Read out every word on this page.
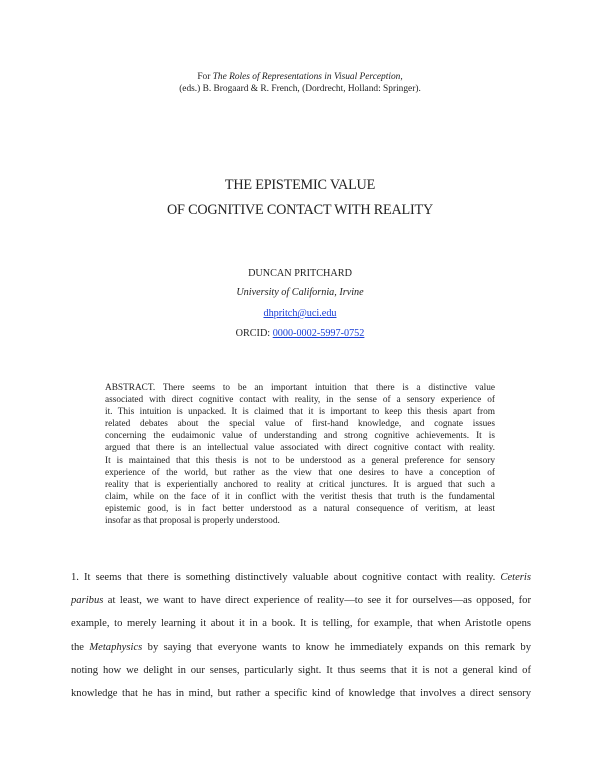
For The Roles of Representations in Visual Perception,
(eds.) B. Brogaard & R. French, (Dordrecht, Holland: Springer).
THE EPISTEMIC VALUE
OF COGNITIVE CONTACT WITH REALITY
DUNCAN PRITCHARD
University of California, Irvine
dhpritch@uci.edu
ORCID: 0000-0002-5997-0752
ABSTRACT. There seems to be an important intuition that there is a distinctive value
associated with direct cognitive contact with reality, in the sense of a sensory experience of
it. This intuition is unpacked. It is claimed that it is important to keep this thesis apart from
related debates about the special value of first-hand knowledge, and cognate issues
concerning the eudaimonic value of understanding and strong cognitive achievements. It is
argued that there is an intellectual value associated with direct cognitive contact with reality.
It is maintained that this thesis is not to be understood as a general preference for sensory
experience of the world, but rather as the view that one desires to have a conception of
reality that is experientially anchored to reality at critical junctures. It is argued that such a
claim, while on the face of it in conflict with the veritist thesis that truth is the fundamental
epistemic good, is in fact better understood as a natural consequence of veritism, at least
insofar as that proposal is properly understood.
1. It seems that there is something distinctively valuable about cognitive contact with reality. Ceteris
paribus at least, we want to have direct experience of reality—to see it for ourselves—as opposed, for
example, to merely learning it about it in a book. It is telling, for example, that when Aristotle opens
the Metaphysics by saying that everyone wants to know he immediately expands on this remark by
noting how we delight in our senses, particularly sight. It thus seems that it is not a general kind of
knowledge that he has in mind, but rather a specific kind of knowledge that involves a direct sensory
